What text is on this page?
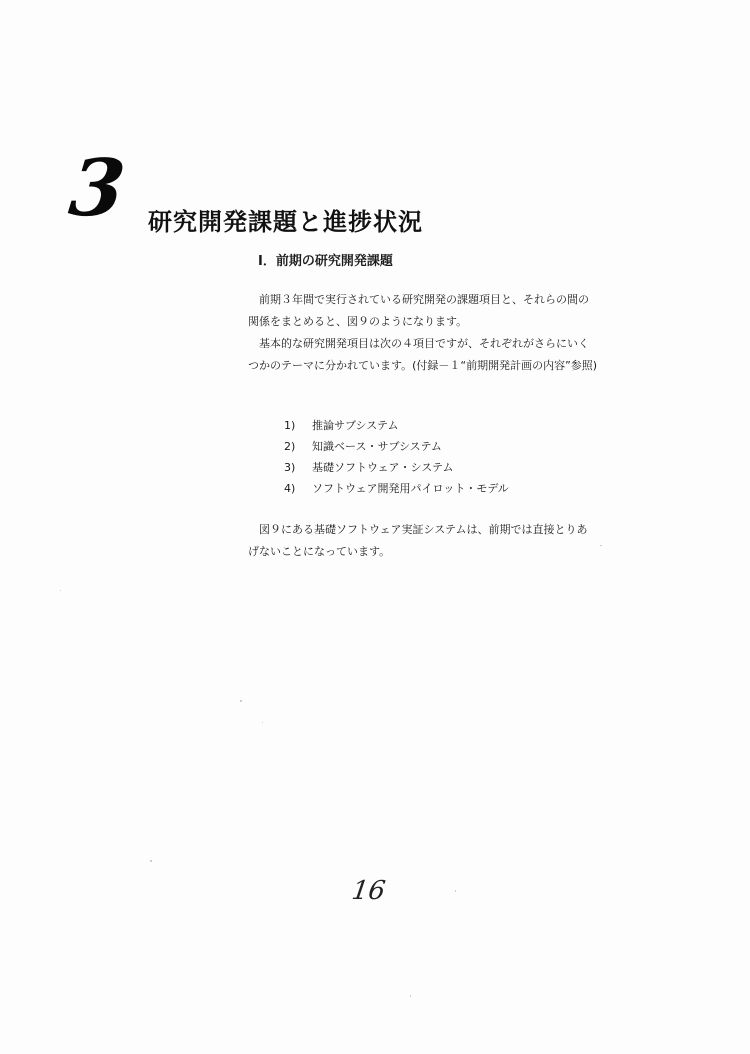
3 研究開発課題と進捗状況
Ⅰ．前期の研究開発課題

前期３年間で実行されている研究開発の課題項目と、それらの間の関係をまとめると、図９のようになります。

基本的な研究開発項目は次の４項目ですが、それぞれがさらにいくつかのテーマに分かれています。(付録－１“前期開発計画の内容”参照)

1)	推論サブシステム
2)	知識ベース・サブシステム
3)	基礎ソフトウェア・システム
4)	ソフトウェア開発用パイロット・モデル

図９にある基礎ソフトウェア実証システムは、前期では直接とりあげないことになっています。

16
